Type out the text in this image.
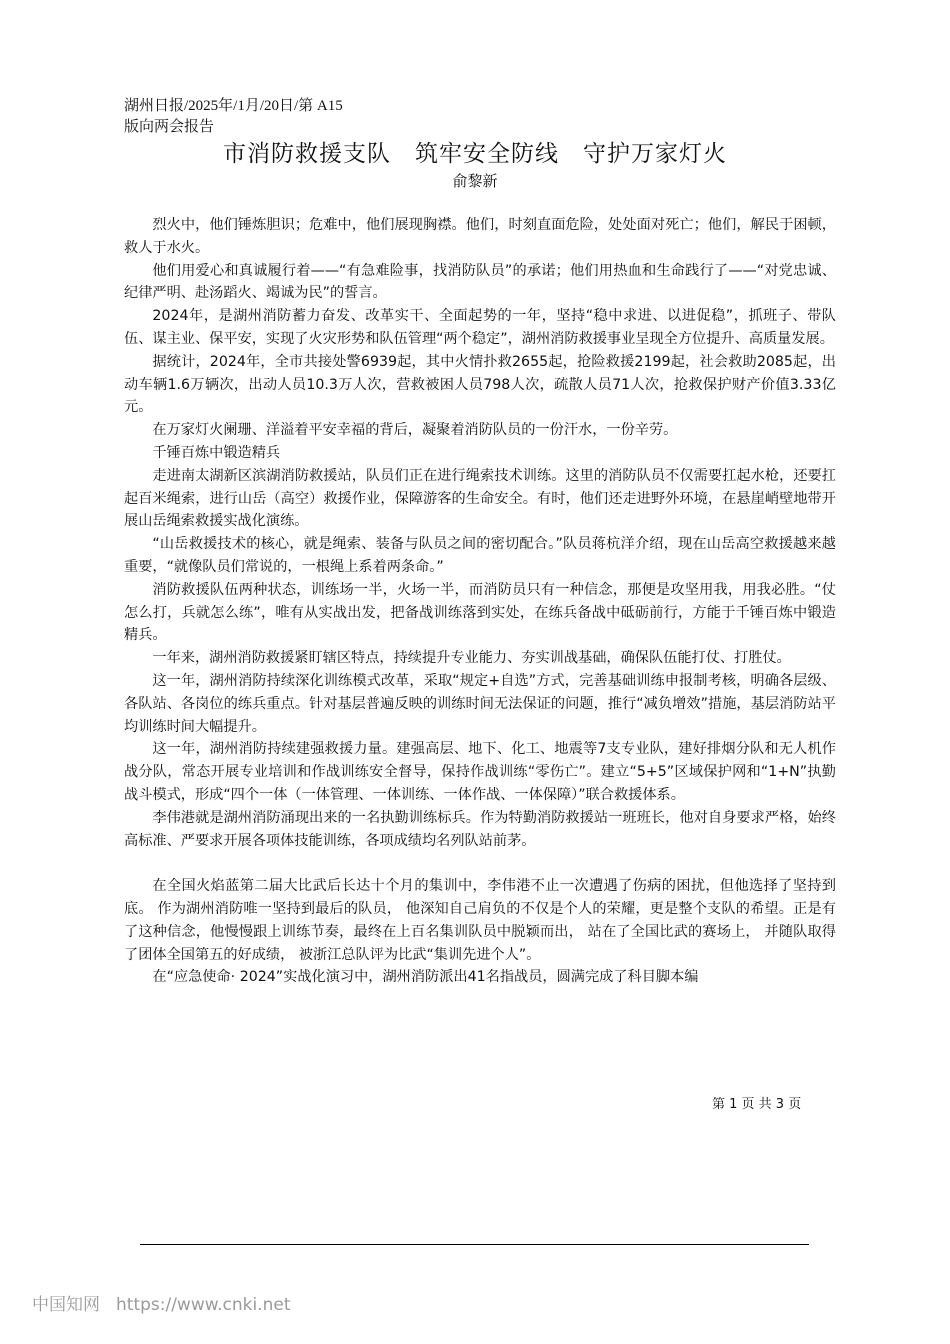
湖州日报/2025年/1月/20日/第 A15
版向两会报告
市消防救援支队　筑牢安全防线　守护万家灯火
俞黎新

烈火中，他们锤炼胆识；危难中，他们展现胸襟。他们，时刻直面危险，处处面对死亡；他们，解民于困顿，救人于水火。

他们用爱心和真诚履行着——“有急难险事，找消防队员”的承诺；他们用热血和生命践行了——“对党忠诚、纪律严明、赴汤蹈火、竭诚为民”的誓言。

2024年，是湖州消防蓄力奋发、改革实干、全面起势的一年，坚持“稳中求进、以进促稳”，抓班子、带队伍、谋主业、保平安，实现了火灾形势和队伍管理“两个稳定”，湖州消防救援事业呈现全方位提升、高质量发展。

据统计，2024年，全市共接处警6939起，其中火情扑救2655起，抢险救援2199起，社会救助2085起，出动车辆1.6万辆次，出动人员10.3万人次，营救被困人员798人次，疏散人员71人次，抢救保护财产价值3.33亿元。

在万家灯火阑珊、洋溢着平安幸福的背后，凝聚着消防队员的一份汗水，一份辛劳。

千锤百炼中锻造精兵

走进南太湖新区滨湖消防救援站，队员们正在进行绳索技术训练。这里的消防队员不仅需要扛起水枪，还要扛起百米绳索，进行山岳（高空）救援作业，保障游客的生命安全。有时，他们还走进野外环境，在悬崖峭壁地带开展山岳绳索救援实战化演练。

“山岳救援技术的核心，就是绳索、装备与队员之间的密切配合。”队员蒋杭洋介绍，现在山岳高空救援越来越重要，“就像队员们常说的，一根绳上系着两条命。”

消防救援队伍两种状态，训练场一半，火场一半，而消防员只有一种信念，那便是攻坚用我，用我必胜。“仗怎么打，兵就怎么练”，唯有从实战出发，把备战训练落到实处，在练兵备战中砥砺前行，方能于千锤百炼中锻造精兵。

一年来，湖州消防救援紧盯辖区特点，持续提升专业能力、夯实训战基础，确保队伍能打仗、打胜仗。

这一年，湖州消防持续深化训练模式改革，采取“规定+自选”方式，完善基础训练申报制考核，明确各层级、各队站、各岗位的练兵重点。针对基层普遍反映的训练时间无法保证的问题，推行“减负增效”措施，基层消防站平均训练时间大幅提升。

这一年，湖州消防持续建强救援力量。建强高层、地下、化工、地震等7支专业队，建好排烟分队和无人机作战分队，常态开展专业培训和作战训练安全督导，保持作战训练“零伤亡”。建立“5+5”区域保护网和“1+N”执勤战斗模式，形成“四个一体（一体管理、一体训练、一体作战、一体保障）”联合救援体系。

李伟港就是湖州消防涌现出来的一名执勤训练标兵。作为特勤消防救援站一班班长，他对自身要求严格，始终高标准、严要求开展各项体技能训练，各项成绩均名列队站前茅。

在全国火焰蓝第二届大比武后长达十个月的集训中，李伟港不止一次遭遇了伤病的困扰，但他选择了坚持到底。 作为湖州消防唯一坚持到最后的队员， 他深知自己肩负的不仅是个人的荣耀，更是整个支队的希望。正是有了这种信念，他慢慢跟上训练节奏，最终在上百名集训队员中脱颖而出， 站在了全国比武的赛场上， 并随队取得了团体全国第五的好成绩， 被浙江总队评为比武“集训先进个人”。

在“应急使命· 2024”实战化演习中，湖州消防派出41名指战员，圆满完成了科目脚本编

第 1 页 共 3 页
中国知网 https://www.cnki.net
